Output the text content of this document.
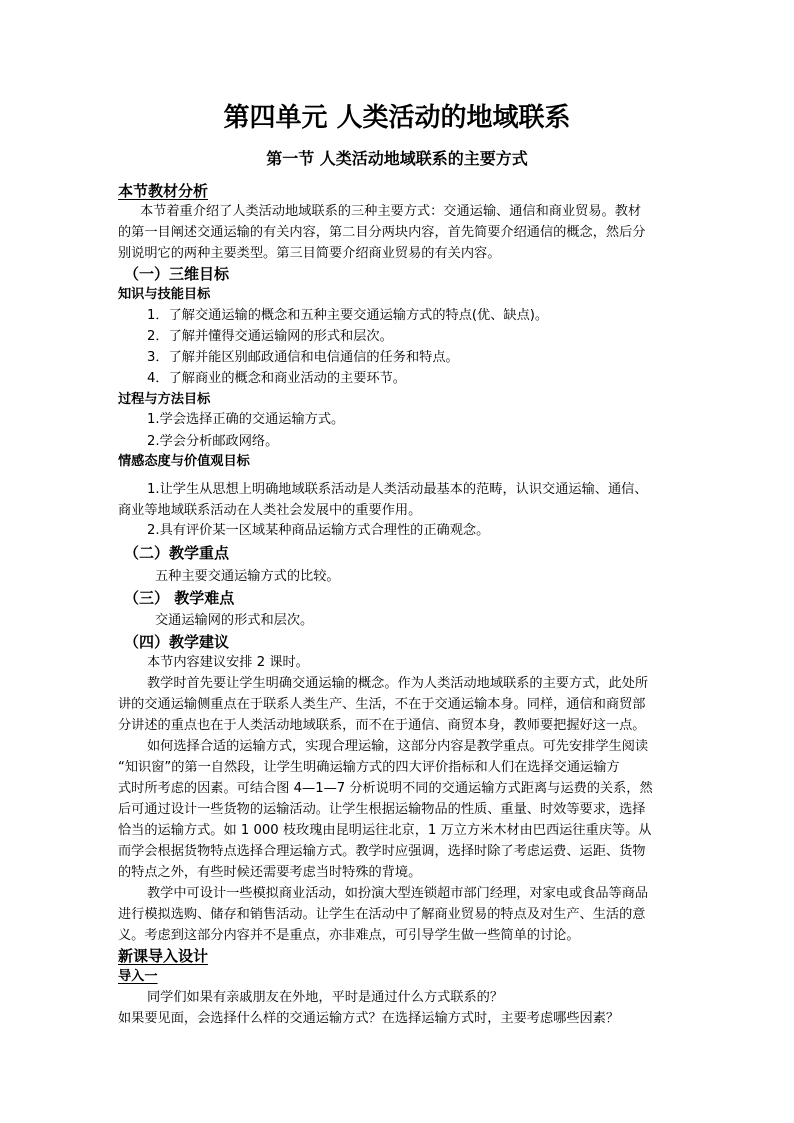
第四单元 人类活动的地域联系
第一节 人类活动地域联系的主要方式
本节教材分析
本节着重介绍了人类活动地域联系的三种主要方式：交通运输、通信和商业贸易。教材
的第一目阐述交通运输的有关内容，第二目分两块内容，首先简要介绍通信的概念，然后分
别说明它的两种主要类型。第三目简要介绍商业贸易的有关内容。
（一）三维目标
知识与技能目标
1．了解交通运输的概念和五种主要交通运输方式的特点(优、缺点)。
2．了解并懂得交通运输网的形式和层次。
3．了解并能区别邮政通信和电信通信的任务和特点。
4．了解商业的概念和商业活动的主要环节。
过程与方法目标
1.学会选择正确的交通运输方式。
2.学会分析邮政网络。
情感态度与价值观目标
1.让学生从思想上明确地域联系活动是人类活动最基本的范畴，认识交通运输、通信、
商业等地域联系活动在人类社会发展中的重要作用。
2.具有评价某一区域某种商品运输方式合理性的正确观念。
（二）教学重点
五种主要交通运输方式的比较。
（三） 教学难点
交通运输网的形式和层次。
（四）教学建议
本节内容建议安排 2 课时。
教学时首先要让学生明确交通运输的概念。作为人类活动地域联系的主要方式，此处所
讲的交通运输侧重点在于联系人类生产、生活，不在于交通运输本身。同样，通信和商贸部
分讲述的重点也在于人类活动地域联系，而不在于通信、商贸本身，教师要把握好这一点。
如何选择合适的运输方式，实现合理运输，这部分内容是教学重点。可先安排学生阅读
“知识窗”的第一自然段，让学生明确运输方式的四大评价指标和人们在选择交通运输方
式时所考虑的因素。可结合图 4—1—7 分析说明不同的交通运输方式距离与运费的关系，然
后可通过设计一些货物的运输活动。让学生根据运输物品的性质、重量、时效等要求，选择
恰当的运输方式。如 1 000 枝玫瑰由昆明运往北京，1 万立方米木材由巴西运往重庆等。从
而学会根据货物特点选择合理运输方式。教学时应强调，选择时除了考虑运费、运距、货物
的特点之外，有些时候还需要考虑当时特殊的背境。
教学中可设计一些模拟商业活动，如扮演大型连锁超市部门经理，对家电或食品等商品
进行模拟选购、储存和销售活动。让学生在活动中了解商业贸易的特点及对生产、生活的意
义。考虑到这部分内容并不是重点，亦非难点，可引导学生做一些简单的讨论。
新课导入设计
导入一
同学们如果有亲戚朋友在外地，平时是通过什么方式联系的？
如果要见面，会选择什么样的交通运输方式？在选择运输方式时，主要考虑哪些因素？
